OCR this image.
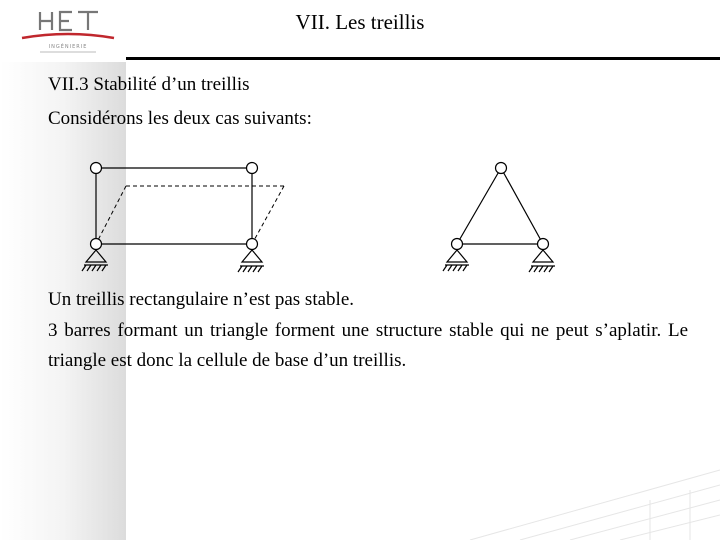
INGÉNIERIE
VII. Les treillis
VII.3 Stabilité d’un treillis
Considérons les deux cas suivants:
Un treillis rectangulaire n’est pas stable.
3 barres formant un triangle forment une structure stable qui ne peut s’aplatir. Le triangle est donc la cellule de base d’un treillis.
